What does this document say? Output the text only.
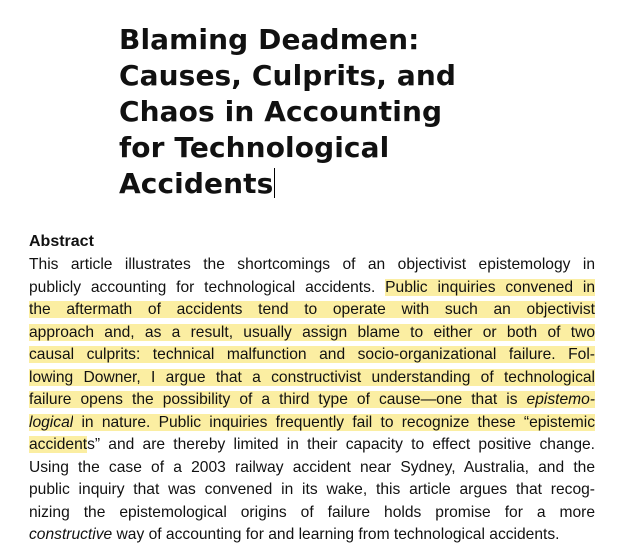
Blaming Deadmen:
Causes, Culprits, and
Chaos in Accounting
for Technological
Accidents
Abstract
This article illustrates the shortcomings of an objectivist epistemology in
publicly accounting for technological accidents. Public inquiries convened in
the aftermath of accidents tend to operate with such an objectivist
approach and, as a result, usually assign blame to either or both of two
causal culprits: technical malfunction and socio-organizational failure. Fol-
lowing Downer, I argue that a constructivist understanding of technological
failure opens the possibility of a third type of cause—one that is epistemo-
logical in nature. Public inquiries frequently fail to recognize these “epistemic
accidents” and are thereby limited in their capacity to effect positive change.
Using the case of a 2003 railway accident near Sydney, Australia, and the
public inquiry that was convened in its wake, this article argues that recog-
nizing the epistemological origins of failure holds promise for a more
constructive way of accounting for and learning from technological accidents.
